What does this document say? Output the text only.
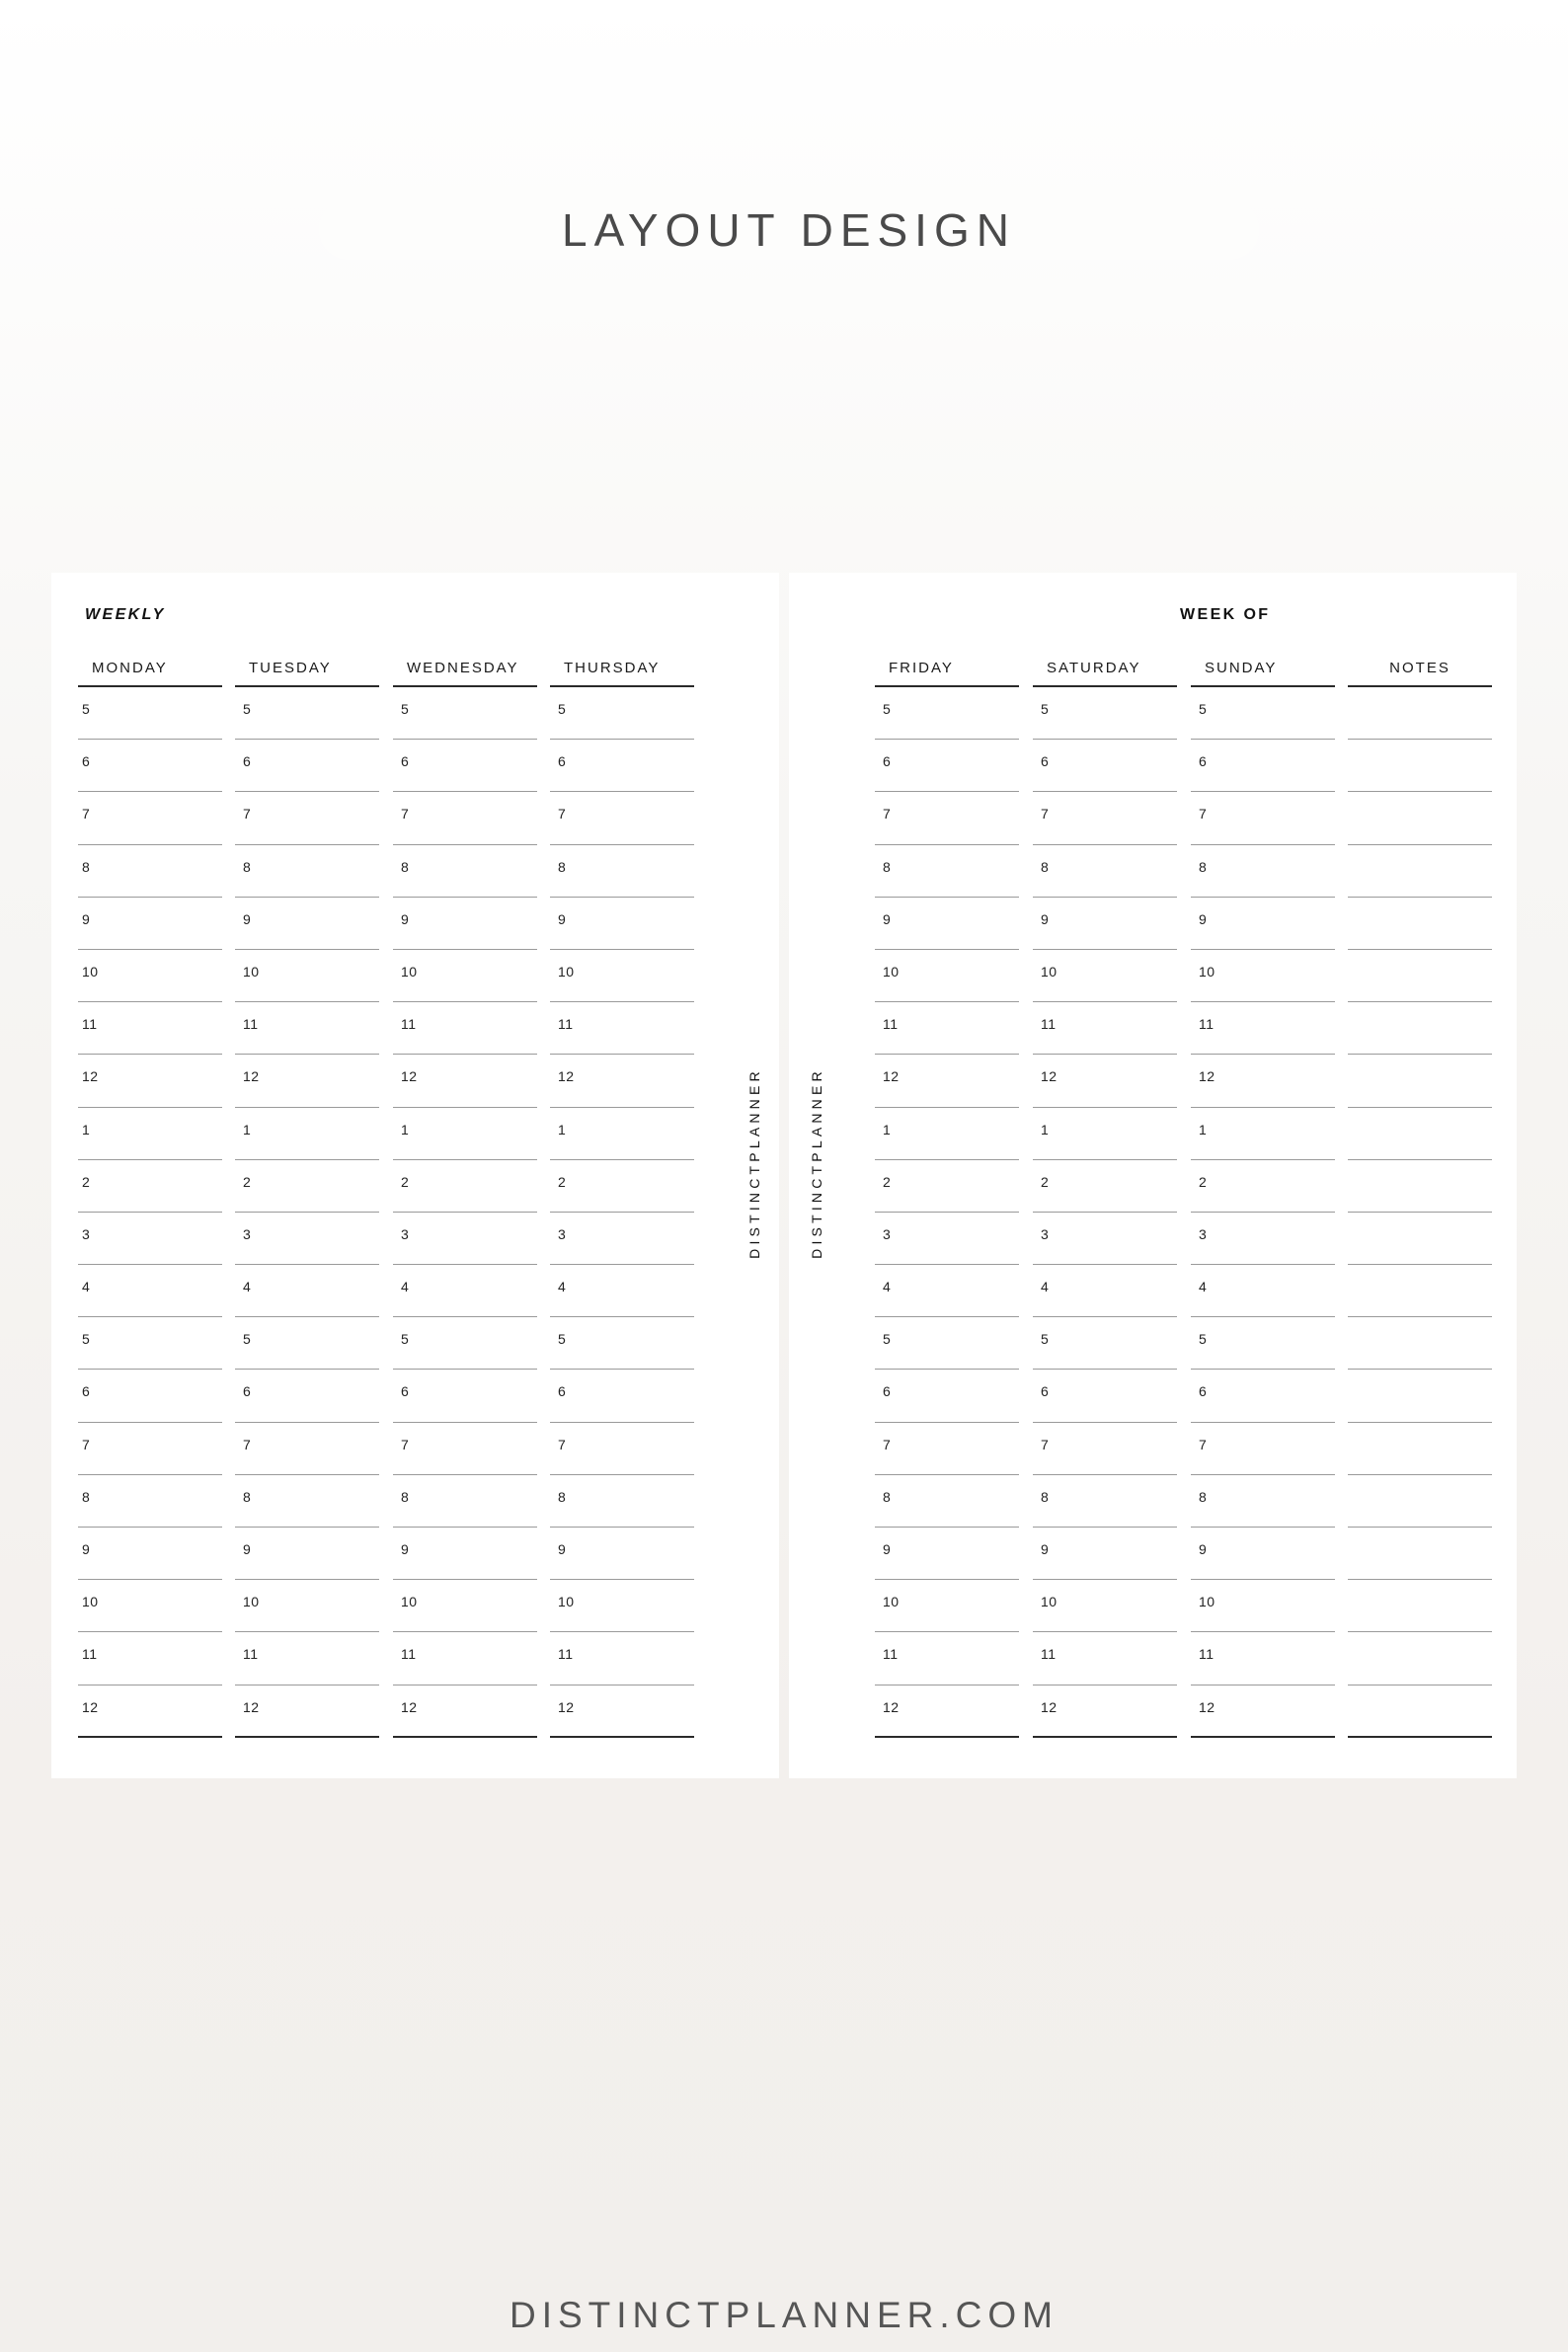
LAYOUT DESIGN
WEEKLY
MONDAY
5
6
7
8
9
10
11
12
1
2
3
4
5
6
7
8
9
10
11
12
TUESDAY
5
6
7
8
9
10
11
12
1
2
3
4
5
6
7
8
9
10
11
12
WEDNESDAY
5
6
7
8
9
10
11
12
1
2
3
4
5
6
7
8
9
10
11
12
THURSDAY
5
6
7
8
9
10
11
12
1
2
3
4
5
6
7
8
9
10
11
12
DISTINCTPLANNER
WEEK OF
DISTINCTPLANNER
FRIDAY
5
6
7
8
9
10
11
12
1
2
3
4
5
6
7
8
9
10
11
12
SATURDAY
5
6
7
8
9
10
11
12
1
2
3
4
5
6
7
8
9
10
11
12
SUNDAY
5
6
7
8
9
10
11
12
1
2
3
4
5
6
7
8
9
10
11
12
NOTES
DISTINCTPLANNER.COM
